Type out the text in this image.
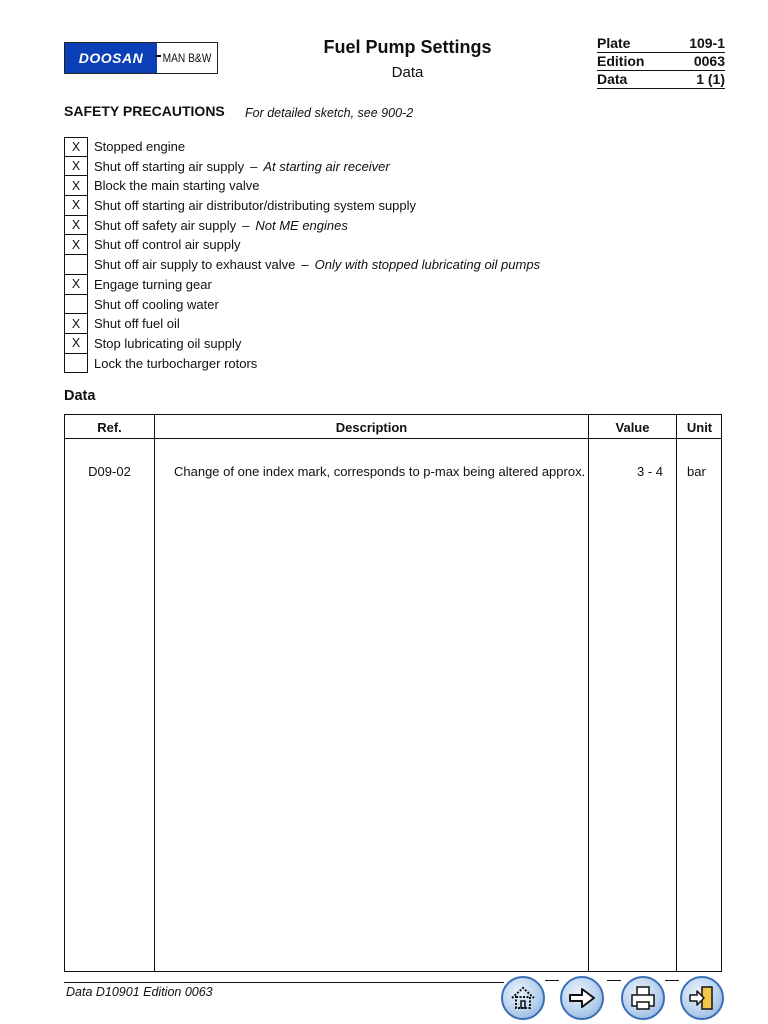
DOOSAN	MAN B&W
Fuel Pump Settings
Data
Plate	109-1
Edition	0063
Data	1 (1)
SAFETY PRECAUTIONS For detailed sketch, see 900-2
X	Stopped engine
X	Shut off starting air supply – At starting air receiver
X	Block the main starting valve
X	Shut off starting air distributor/distributing system supply
X	Shut off safety air supply – Not ME engines
X	Shut off control air supply
Shut off air supply to exhaust valve – Only with stopped lubricating oil pumps
X	Engage turning gear
Shut off cooling water
X	Shut off fuel oil
X	Stop lubricating oil supply
Lock the turbocharger rotors
Data
Ref.	Description	Value	Unit
D09-02	Change of one index mark, corresponds to p-max being altered approx.	3 - 4 bar
Data D10901 Edition 0063
